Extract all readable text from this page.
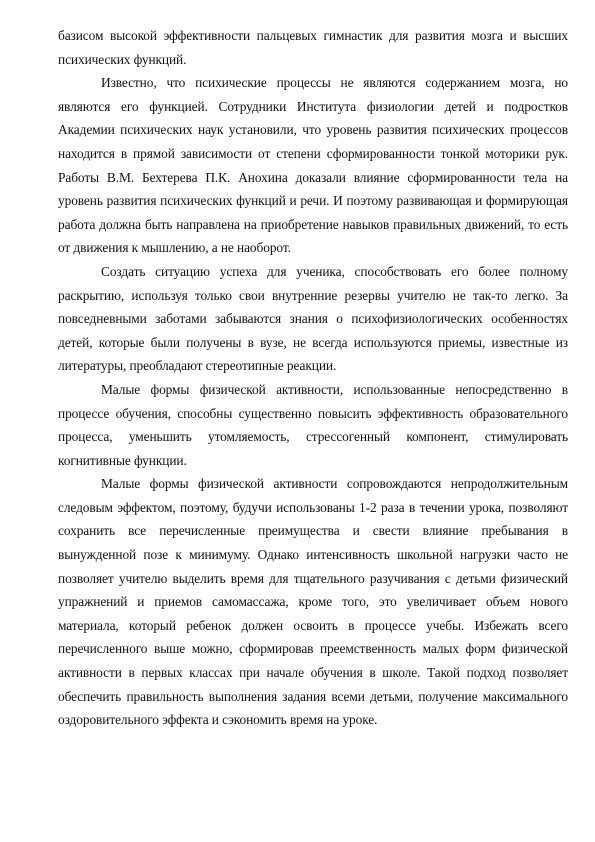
базисом высокой эффективности пальцевых гимнастик для развития мозга и высших психических функций.

Известно, что психические процессы не являются содержанием мозга, но являются его функцией. Сотрудники Института физиологии детей и подростков Академии психических наук установили, что уровень развития психических процессов находится в прямой зависимости от степени сформированности тонкой моторики рук. Работы В.М. Бехтерева П.К. Анохина доказали влияние сформированности тела на уровень развития психических функций и речи. И поэтому развивающая и формирующая работа должна быть направлена на приобретение навыков правильных движений, то есть от движения к мышлению, а не наоборот.

Создать ситуацию успеха для ученика, способствовать его более полному раскрытию, используя только свои внутренние резервы учителю не так-то легко. За повседневными заботами забываются знания о психофизиологических особенностях детей, которые были получены в вузе, не всегда используются приемы, известные из литературы, преобладают стереотипные реакции.

Малые формы физической активности, использованные непосредственно в процессе обучения, способны существенно повысить эффективность образовательного процесса, уменьшить утомляемость, стрессогенный компонент, стимулировать когнитивные функции.

Малые формы физической активности сопровождаются непродолжительным следовым эффектом, поэтому, будучи использованы 1-2 раза в течении урока, позволяют сохранить все перечисленные преимущества и свести влияние пребывания в вынужденной позе к минимуму. Однако интенсивность школьной нагрузки часто не позволяет учителю выделить время для тщательного разучивания с детьми физический упражнений и приемов самомассажа, кроме того, это увеличивает объем нового материала, который ребенок должен освоить в процессе учебы. Избежать всего перечисленного выше можно, сформировав преемственность малых форм физической активности в первых классах при начале обучения в школе. Такой подход позволяет обеспечить правильность выполнения задания всеми детьми, получение максимального оздоровительного эффекта и сэкономить время на уроке.
